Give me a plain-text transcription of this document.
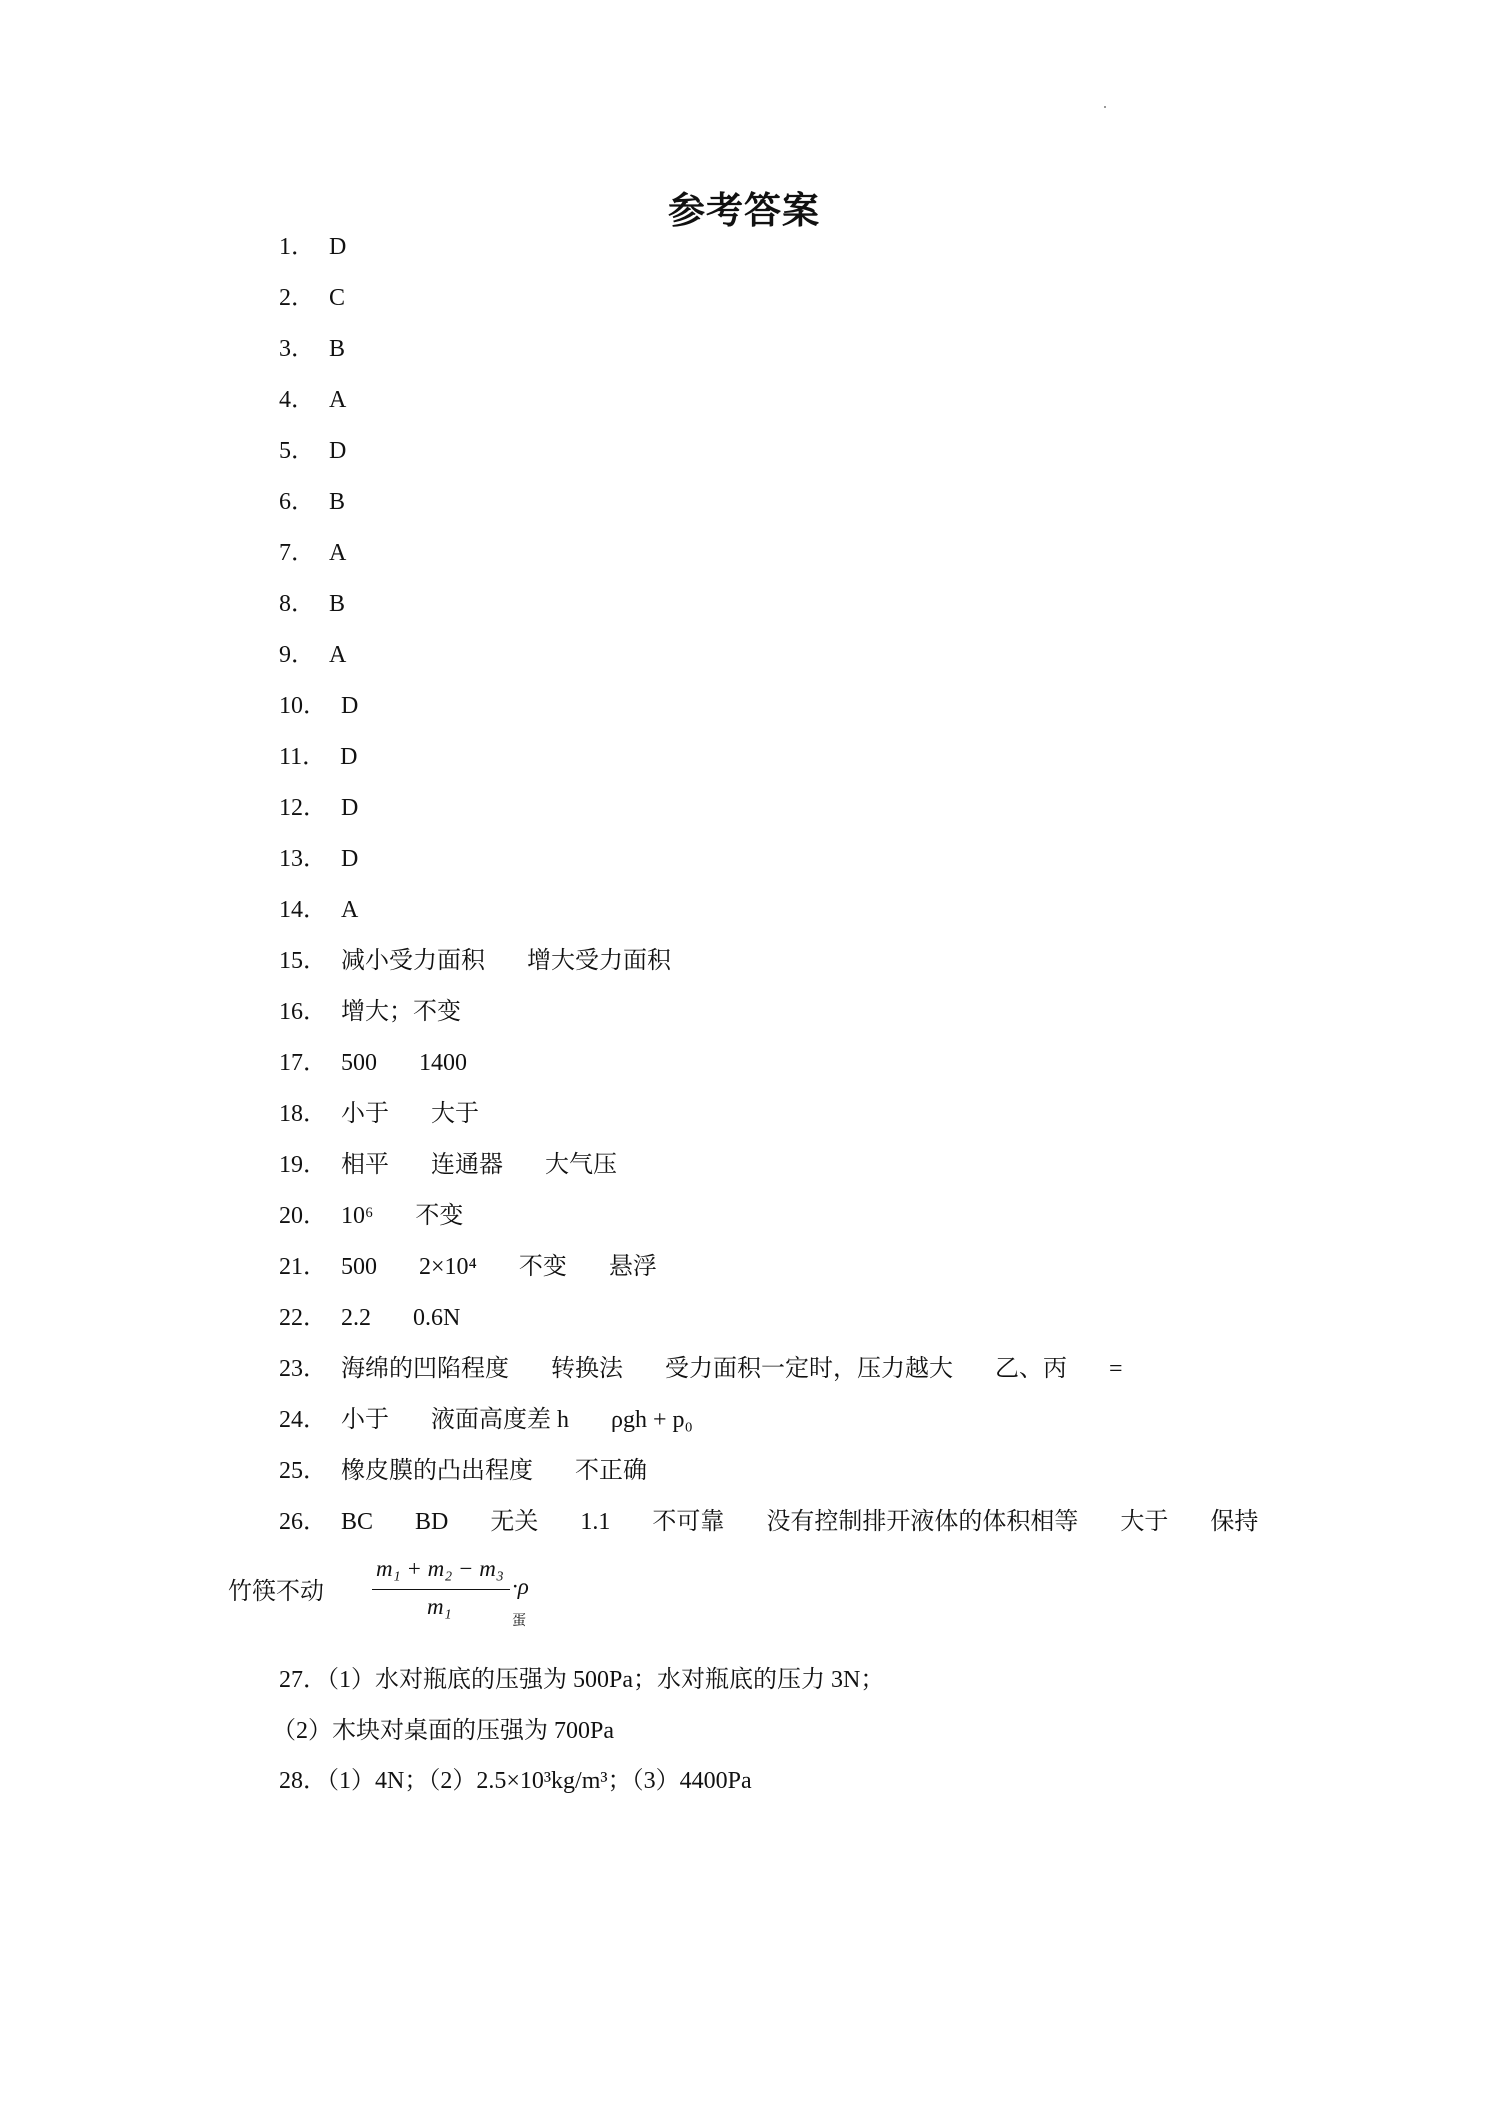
参考答案
1． D
2． C
3． B
4． A
5． D
6． B
7． A
8． B
9． A
10． D
11． D
12． D
13． D
14． A
15． 减小受力面积 增大受力面积
16． 增大；不变
17． 500 1400
18． 小于 大于
19． 相平 连通器 大气压
20． 10⁶ 不变
21． 500 2×10⁴ 不变 悬浮
22． 2.2 0.6N
23． 海绵的凹陷程度 转换法 受力面积一定时，压力越大 乙、丙 =
24． 小于 液面高度差 h ρgh + p₀
25． 橡皮膜的凸出程度 不正确
26． BC BD 无关 1.1 不可靠 没有控制排开液体的体积相等 大于 保持
竹筷不动
m₁ + m₂ − m₃
m₁
$\cdot\rho_蛋$
27．（1）水对瓶底的压强为 500Pa；水对瓶底的压力 3N；
（2）木块对桌面的压强为 700Pa
28．（1）4N；（2）2.5×10³kg/m³；（3）4400Pa
